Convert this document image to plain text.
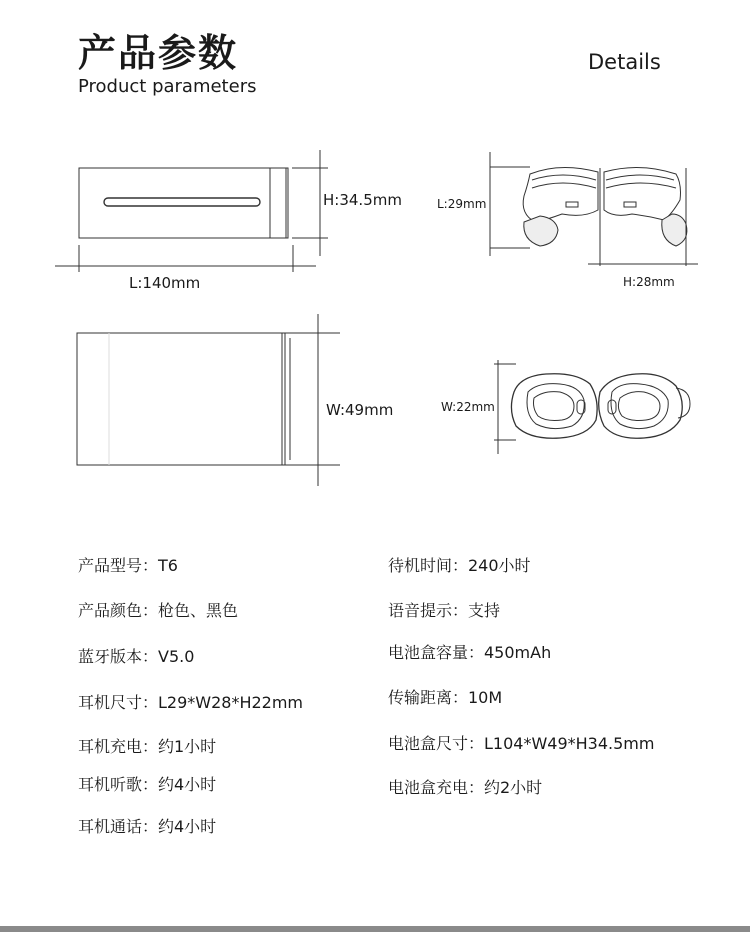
产品参数
Product parameters
Details
H:34.5mm
L:140mm
W:49mm
L:29mm
H:28mm
W:22mm
产品型号：T6
产品颜色：枪色、黑色
蓝牙版本：V5.0
耳机尺寸：L29*W28*H22mm
耳机充电：约1小时
耳机听歌：约4小时
耳机通话：约4小时
待机时间：240小时
语音提示：支持
电池盒容量：450mAh
传输距离：10M
电池盒尺寸：L104*W49*H34.5mm
电池盒充电：约2小时
